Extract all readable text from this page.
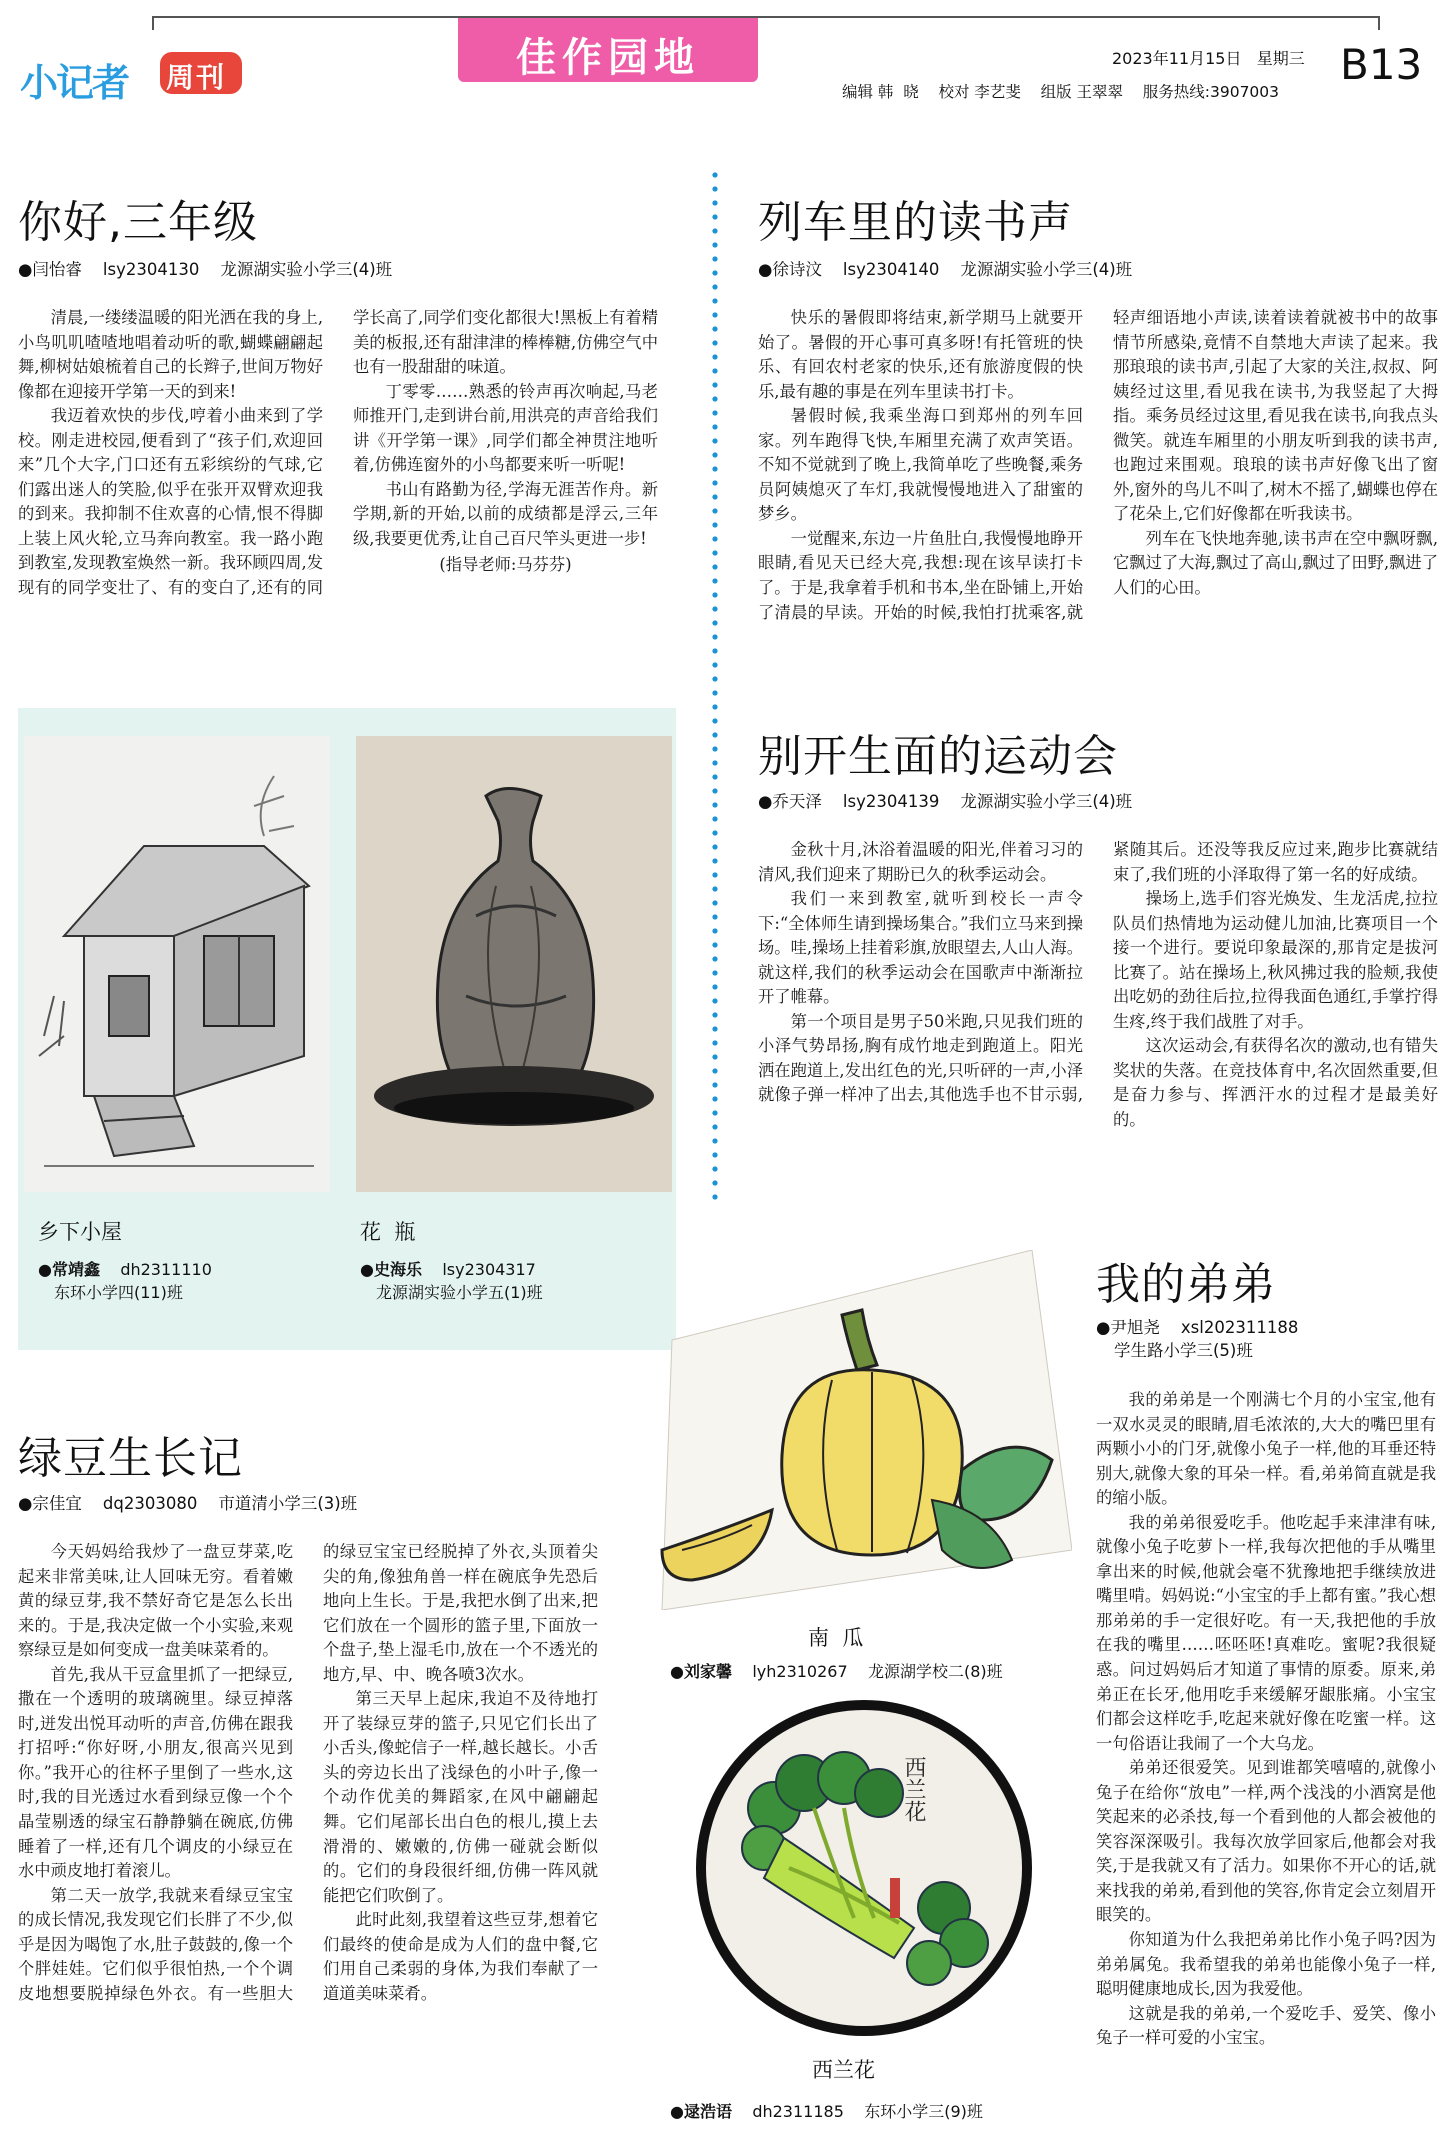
小记者 周刊	佳作园地	2023年11月15日   星期三 B13
编辑 韩  晓    校对 李艺斐    组版 王翠翠    服务热线:3907003
你好,三年级
●闫怡睿 lsy2304130 龙源湖实验小学三(4)班

清晨,一缕缕温暖的阳光洒在我的身上,小鸟叽叽喳喳地唱着动听的歌,蝴蝶翩翩起舞,柳树姑娘梳着自己的长辫子,世间万物好像都在迎接开学第一天的到来!

我迈着欢快的步伐,哼着小曲来到了学校。刚走进校园,便看到了“孩子们,欢迎回来”几个大字,门口还有五彩缤纷的气球,它们露出迷人的笑脸,似乎在张开双臂欢迎我的到来。我抑制不住欢喜的心情,恨不得脚上装上风火轮,立马奔向教室。我一路小跑到教室,发现教室焕然一新。我环顾四周,发现有的同学变壮了、有的变白了,还有的同学长高了,同学们变化都很大!黑板上有着精美的板报,还有甜津津的棒棒糖,仿佛空气中也有一股甜甜的味道。

丁零零……熟悉的铃声再次响起,马老师推开门,走到讲台前,用洪亮的声音给我们讲《开学第一课》,同学们都全神贯注地听着,仿佛连窗外的小鸟都要来听一听呢!

书山有路勤为径,学海无涯苦作舟。新学期,新的开始,以前的成绩都是浮云,三年级,我要更优秀,让自己百尺竿头更进一步!

(指导老师:马芬芬)

列车里的读书声
●徐诗汶 lsy2304140 龙源湖实验小学三(4)班

快乐的暑假即将结束,新学期马上就要开始了。暑假的开心事可真多呀!有托管班的快乐、有回农村老家的快乐,还有旅游度假的快乐,最有趣的事是在列车里读书打卡。

暑假时候,我乘坐海口到郑州的列车回家。列车跑得飞快,车厢里充满了欢声笑语。不知不觉就到了晚上,我简单吃了些晚餐,乘务员阿姨熄灭了车灯,我就慢慢地进入了甜蜜的梦乡。

一觉醒来,东边一片鱼肚白,我慢慢地睁开眼睛,看见天已经大亮,我想:现在该早读打卡了。于是,我拿着手机和书本,坐在卧铺上,开始了清晨的早读。开始的时候,我怕打扰乘客,就轻声细语地小声读,读着读着就被书中的故事情节所感染,竟情不自禁地大声读了起来。我那琅琅的读书声,引起了大家的关注,叔叔、阿姨经过这里,看见我在读书,为我竖起了大拇指。乘务员经过这里,看见我在读书,向我点头微笑。就连车厢里的小朋友听到我的读书声,也跑过来围观。琅琅的读书声好像飞出了窗外,窗外的鸟儿不叫了,树木不摇了,蝴蝶也停在了花朵上,它们好像都在听我读书。

列车在飞快地奔驰,读书声在空中飘呀飘,它飘过了大海,飘过了高山,飘过了田野,飘进了人们的心田。

乡下小屋
●常靖鑫 dh2311110
东环小学四(11)班
花  瓶
●史海乐 lsy2304317
龙源湖实验小学五(1)班
别开生面的运动会
●乔天泽 lsy2304139 龙源湖实验小学三(4)班

金秋十月,沐浴着温暖的阳光,伴着习习的清风,我们迎来了期盼已久的秋季运动会。

我们一来到教室,就听到校长一声令下:“全体师生请到操场集合。”我们立马来到操场。哇,操场上挂着彩旗,放眼望去,人山人海。就这样,我们的秋季运动会在国歌声中渐渐拉开了帷幕。

第一个项目是男子50米跑,只见我们班的小泽气势昂扬,胸有成竹地走到跑道上。阳光洒在跑道上,发出红色的光,只听砰的一声,小泽就像子弹一样冲了出去,其他选手也不甘示弱,紧随其后。还没等我反应过来,跑步比赛就结束了,我们班的小泽取得了第一名的好成绩。

操场上,选手们容光焕发、生龙活虎,拉拉队员们热情地为运动健儿加油,比赛项目一个接一个进行。要说印象最深的,那肯定是拔河比赛了。站在操场上,秋风拂过我的脸颊,我使出吃奶的劲往后拉,拉得我面色通红,手掌拧得生疼,终于我们战胜了对手。

这次运动会,有获得名次的激动,也有错失奖状的失落。在竞技体育中,名次固然重要,但是奋力参与、挥洒汗水的过程才是最美好的。

绿豆生长记
●宗佳宜 dq2303080 市道清小学三(3)班

今天妈妈给我炒了一盘豆芽菜,吃起来非常美味,让人回味无穷。看着嫩黄的绿豆芽,我不禁好奇它是怎么长出来的。于是,我决定做一个小实验,来观察绿豆是如何变成一盘美味菜肴的。

首先,我从干豆盒里抓了一把绿豆,撒在一个透明的玻璃碗里。绿豆掉落时,迸发出悦耳动听的声音,仿佛在跟我打招呼:“你好呀,小朋友,很高兴见到你。”我开心的往杯子里倒了一些水,这时,我的目光透过水看到绿豆像一个个晶莹剔透的绿宝石静静躺在碗底,仿佛睡着了一样,还有几个调皮的小绿豆在水中顽皮地打着滚儿。

第二天一放学,我就来看绿豆宝宝的成长情况,我发现它们长胖了不少,似乎是因为喝饱了水,肚子鼓鼓的,像一个个胖娃娃。它们似乎很怕热,一个个调皮地想要脱掉绿色外衣。有一些胆大的绿豆宝宝已经脱掉了外衣,头顶着尖尖的角,像独角兽一样在碗底争先恐后地向上生长。于是,我把水倒了出来,把它们放在一个圆形的篮子里,下面放一个盘子,垫上湿毛巾,放在一个不透光的地方,早、中、晚各喷3次水。

第三天早上起床,我迫不及待地打开了装绿豆芽的篮子,只见它们长出了小舌头,像蛇信子一样,越长越长。小舌头的旁边长出了浅绿色的小叶子,像一个动作优美的舞蹈家,在风中翩翩起舞。它们尾部长出白色的根儿,摸上去滑滑的、嫩嫩的,仿佛一碰就会断似的。它们的身段很纤细,仿佛一阵风就能把它们吹倒了。

此时此刻,我望着这些豆芽,想着它们最终的使命是成为人们的盘中餐,它们用自己柔弱的身体,为我们奉献了一道道美味菜肴。

南  瓜
●刘家馨 lyh2310267 龙源湖学校二(8)班
西兰花
西兰花
●逯浩语 dh2311185 东环小学三(9)班
我的弟弟
●尹旭尧 xsl202311188
学生路小学三(5)班

我的弟弟是一个刚满七个月的小宝宝,他有一双水灵灵的眼睛,眉毛浓浓的,大大的嘴巴里有两颗小小的门牙,就像小兔子一样,他的耳垂还特别大,就像大象的耳朵一样。看,弟弟简直就是我的缩小版。

我的弟弟很爱吃手。他吃起手来津津有味,就像小兔子吃萝卜一样,我每次把他的手从嘴里拿出来的时候,他就会毫不犹豫地把手继续放进嘴里啃。妈妈说:“小宝宝的手上都有蜜。”我心想那弟弟的手一定很好吃。有一天,我把他的手放在我的嘴里……呸呸呸!真难吃。蜜呢?我很疑惑。问过妈妈后才知道了事情的原委。原来,弟弟正在长牙,他用吃手来缓解牙龈胀痛。小宝宝们都会这样吃手,吃起来就好像在吃蜜一样。这一句俗语让我闹了一个大乌龙。

弟弟还很爱笑。见到谁都笑嘻嘻的,就像小兔子在给你“放电”一样,两个浅浅的小酒窝是他笑起来的必杀技,每一个看到他的人都会被他的笑容深深吸引。我每次放学回家后,他都会对我笑,于是我就又有了活力。如果你不开心的话,就来找我的弟弟,看到他的笑容,你肯定会立刻眉开眼笑的。

你知道为什么我把弟弟比作小兔子吗?因为弟弟属兔。我希望我的弟弟也能像小兔子一样,聪明健康地成长,因为我爱他。

这就是我的弟弟,一个爱吃手、爱笑、像小兔子一样可爱的小宝宝。
